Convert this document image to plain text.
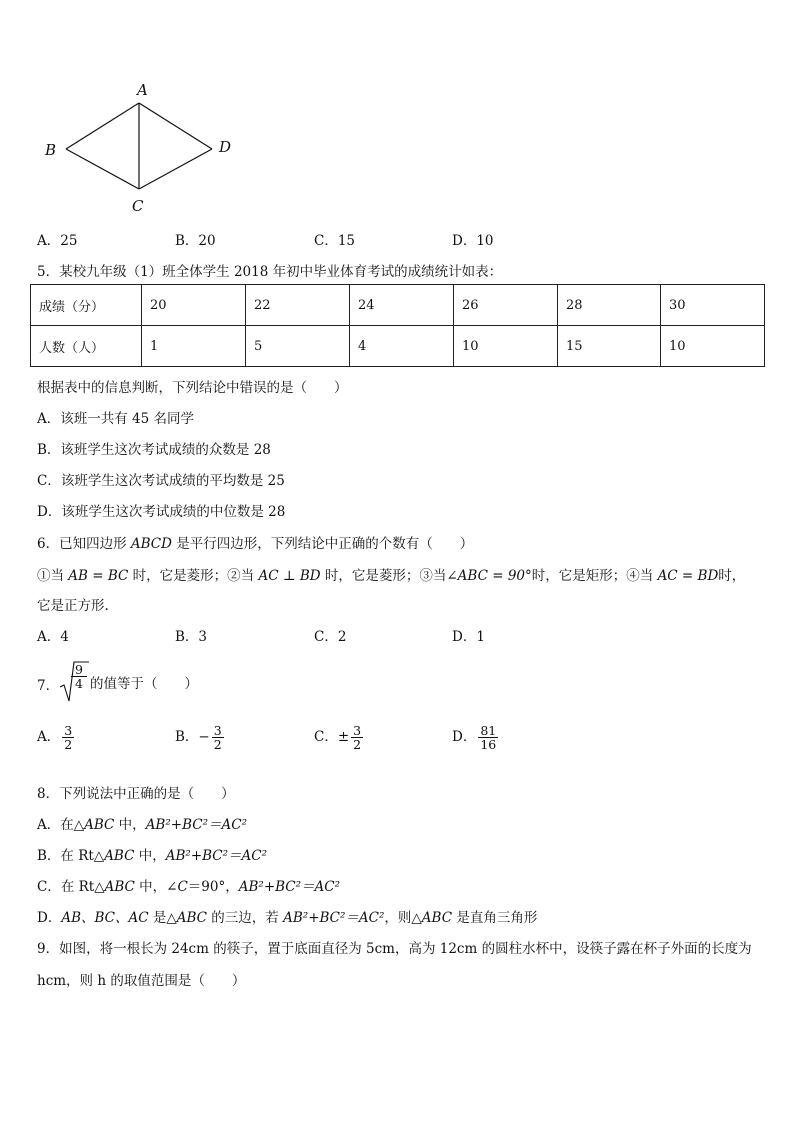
A
B
C
D
A．25	B．20	C．15	D．10
5．某校九年级（1）班全体学生 2018 年初中毕业体育考试的成绩统计如表：
成绩（分）	20	22	24	26	28	30
人数（人）	1	5	4	10	15	10
根据表中的信息判断，下列结论中错误的是（　　）
A．该班一共有 45 名同学
B．该班学生这次考试成绩的众数是 28
C．该班学生这次考试成绩的平均数是 25
D．该班学生这次考试成绩的中位数是 28
6．已知四边形 ABCD 是平行四边形，下列结论中正确的个数有（　　）
①当 AB = BC 时，它是菱形；②当 AC ⊥ BD 时，它是菱形；③当∠ABC = 90°时，它是矩形；④当 AC = BD时，
它是正方形.
A．4	B．3	C．2	D．1
7． $\frac{9}{4}$ 的值等于（　　）
A． $\frac{3}{2}$	B．− $\frac{3}{2}$	C．± $\frac{3}{2}$	D． $\frac{81}{16}$
8．下列说法中正确的是（　　）
A．在△ABC 中，AB²+BC²＝AC²
B．在 Rt△ABC 中，AB²+BC²＝AC²
C．在 Rt△ABC 中，∠C＝90°，AB²+BC²＝AC²
D．AB、BC、AC 是△ABC 的三边，若 AB²+BC²＝AC²，则△ABC 是直角三角形
9．如图，将一根长为 24cm 的筷子，置于底面直径为 5cm，高为 12cm 的圆柱水杯中，设筷子露在杯子外面的长度为
hcm，则 h 的取值范围是（　　）
